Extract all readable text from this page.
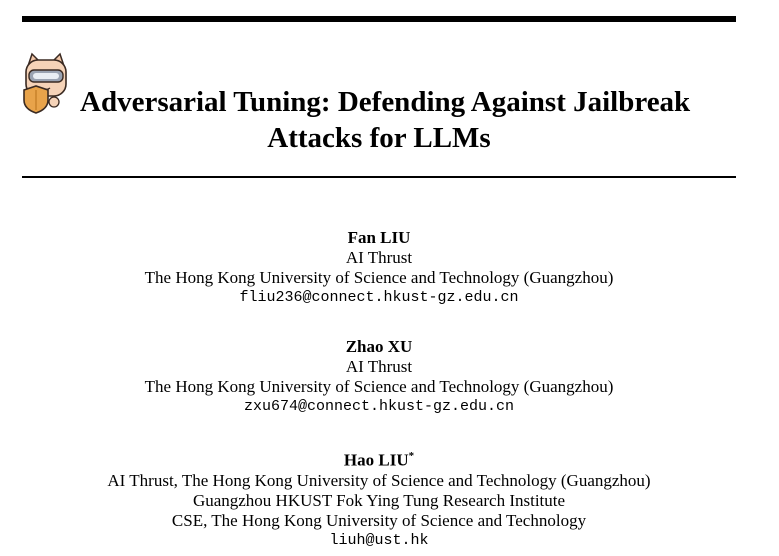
Adversarial Tuning: Defending Against Jailbreak
Attacks for LLMs
Fan LIU
AI Thrust
The Hong Kong University of Science and Technology (Guangzhou)
fliu236@connect.hkust-gz.edu.cn
Zhao XU
AI Thrust
The Hong Kong University of Science and Technology (Guangzhou)
zxu674@connect.hkust-gz.edu.cn
Hao LIU*
AI Thrust, The Hong Kong University of Science and Technology (Guangzhou)
Guangzhou HKUST Fok Ying Tung Research Institute
CSE, The Hong Kong University of Science and Technology
liuh@ust.hk
